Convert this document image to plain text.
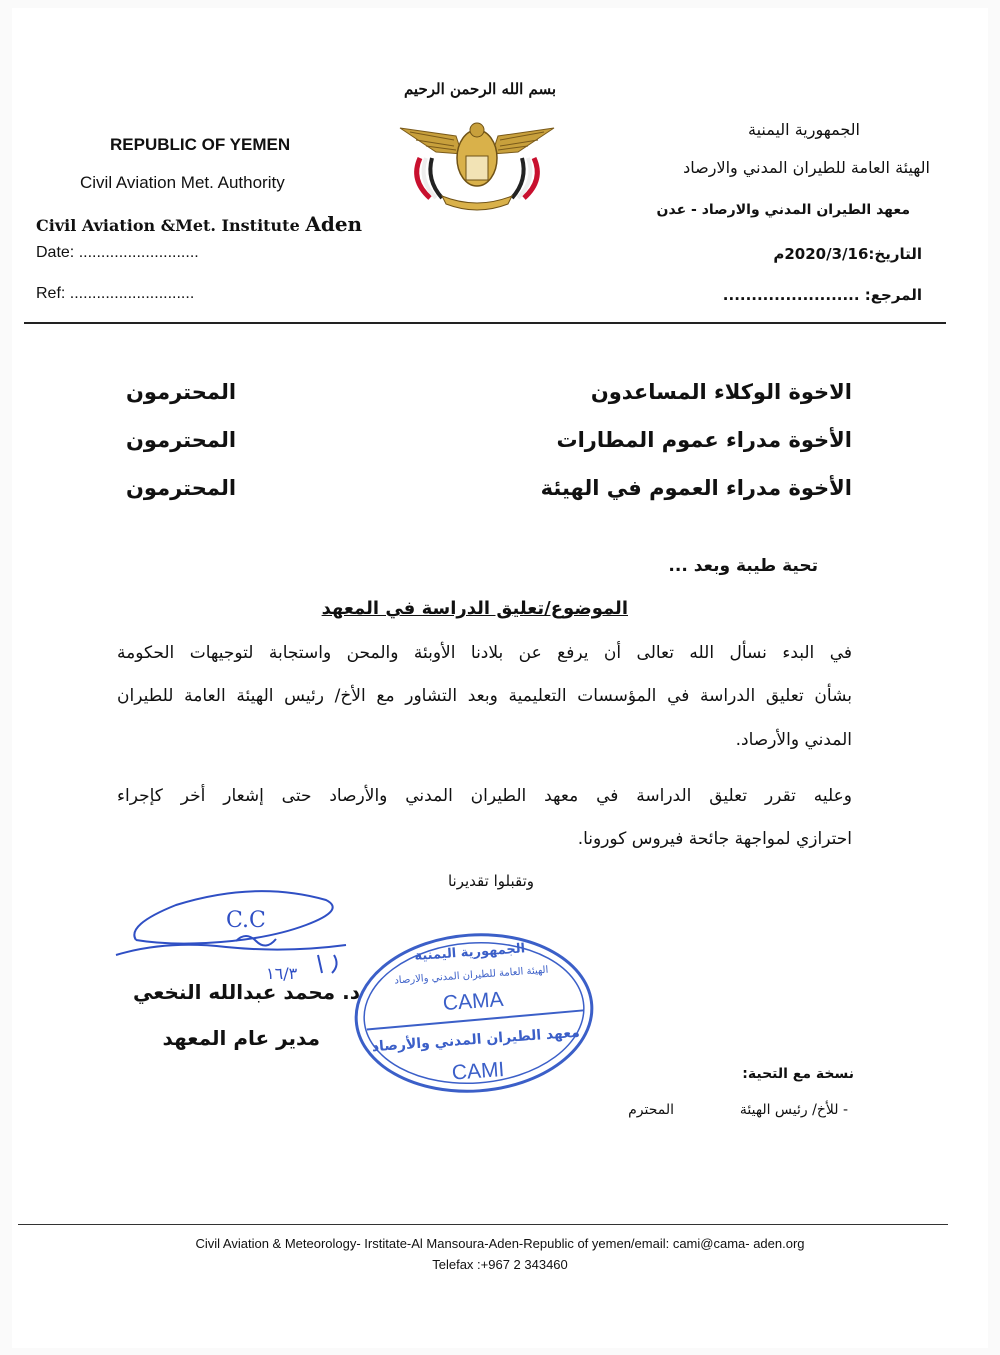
بسم الله الرحمن الرحيم
REPUBLIC OF YEMEN
Civil Aviation Met. Authority
Civil Aviation &Met. Institute Aden
Date: ...........................
Ref: ............................
الجمهورية اليمنية
الهيئة العامة للطيران المدني والارصاد
معهد الطيران المدني والارصاد - عدن
التاريخ:2020/3/16م
المرجع: ........................
الاخوة الوكلاء المساعدون
المحترمون
الأخوة مدراء عموم المطارات
المحترمون
الأخوة مدراء العموم في الهيئة
المحترمون
تحية طيبة وبعد ...
الموضوع/تعليق الدراسة في المعهد
في البدء نسأل الله تعالى أن يرفع عن بلادنا الأوبئة والمحن واستجابة لتوجيهات الحكومة
بشأن تعليق الدراسة في المؤسسات التعليمية وبعد التشاور مع الأخ/ رئيس الهيئة العامة للطيران
المدني والأرصاد.
وعليه تقرر تعليق الدراسة في معهد الطيران المدني والأرصاد حتى إشعار أخر كإجراء
احترازي لمواجهة جائحة فيروس كورونا.
وتقبلوا تقديرنا
C.C
١٦/٣
د. محمد عبدالله النخعي
مدير عام المعهد
الجمهورية اليمنية
الهيئة العامة للطيران المدني والارصاد
CAMA
معهد الطيران المدني والأرصاد
CAMI	نسخة مع التحية:
- للأخ/ رئيس الهيئة
المحترم
Civil Aviation & Meteorology- Irstitate-Al Mansoura-Aden-Republic of yemen/email: cami@cama- aden.org
Telefax :+967 2 343460
